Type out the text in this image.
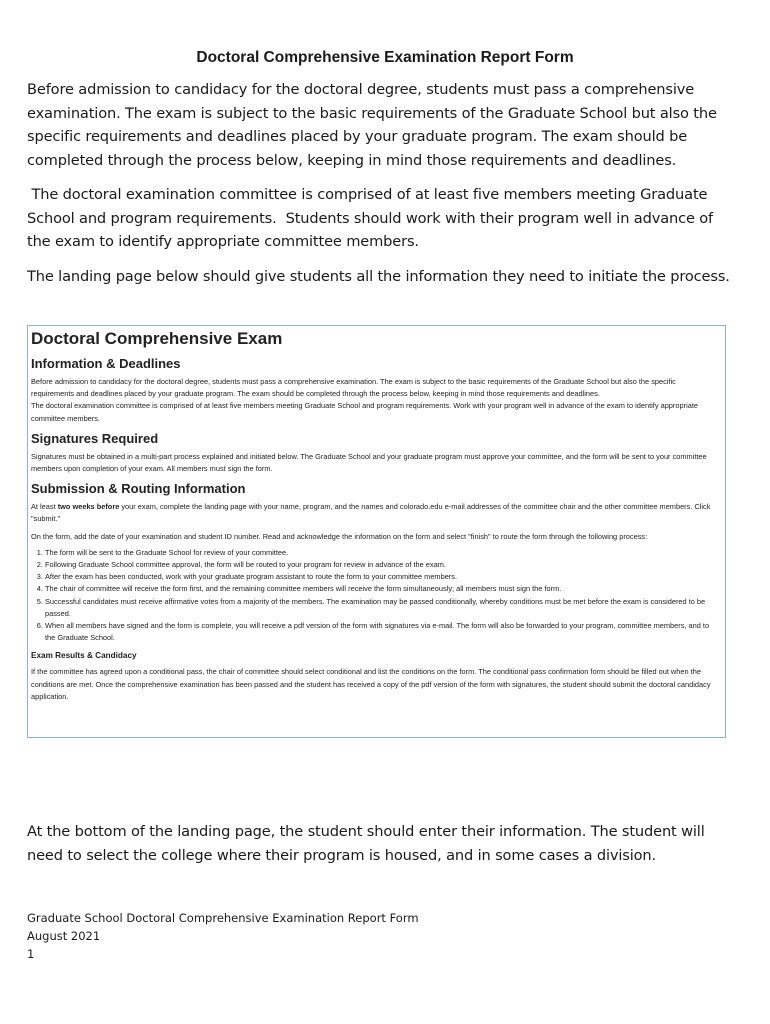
Doctoral Comprehensive Examination Report Form

Before admission to candidacy for the doctoral degree, students must pass a comprehensive examination. The exam is subject to the basic requirements of the Graduate School but also the specific requirements and deadlines placed by your graduate program. The exam should be completed through the process below, keeping in mind those requirements and deadlines.

The doctoral examination committee is comprised of at least five members meeting Graduate School and program requirements.  Students should work with their program well in advance of the exam to identify appropriate committee members.

The landing page below should give students all the information they need to initiate the process.

Doctoral Comprehensive Exam
Information & Deadlines

Before admission to candidacy for the doctoral degree, students must pass a comprehensive examination. The exam is subject to the basic requirements of the Graduate School but also the specific requirements and deadlines placed by your graduate program. The exam should be completed through the process below, keeping in mind those requirements and deadlines.

The doctoral examination committee is comprised of at least five members meeting Graduate School and program requirements. Work with your program well in advance of the exam to identify appropriate committee members.

Signatures Required

Signatures must be obtained in a multi-part process explained and initiated below. The Graduate School and your graduate program must approve your committee, and the form will be sent to your committee members upon completion of your exam. All members must sign the form.

Submission & Routing Information

At least two weeks before your exam, complete the landing page with your name, program, and the names and colorado.edu e-mail addresses of the committee chair and the other committee members. Click "submit."

On the form, add the date of your examination and student ID number. Read and acknowledge the information on the form and select "finish" to route the form through the following process:

1. The form will be sent to the Graduate School for review of your committee.
2. Following Graduate School committee approval, the form will be routed to your program for review in advance of the exam.
3. After the exam has been conducted, work with your graduate program assistant to route the form to your committee members.
4. The chair of committee will receive the form first, and the remaining committee members will receive the form simultaneously; all members must sign the form.
5. Successful candidates must receive affirmative votes from a majority of the members. The examination may be passed conditionally, whereby conditions must be met before the exam is considered to be passed.
6. When all members have signed and the form is complete, you will receive a pdf version of the form with signatures via e-mail. The form will also be forwarded to your program, committee members, and to the Graduate School.
Exam Results & Candidacy

If the committee has agreed upon a conditional pass, the chair of committee should select conditional and list the conditions on the form. The conditional pass confirmation form should be filled out when the conditions are met. Once the comprehensive examination has been passed and the student has received a copy of the pdf version of the form with signatures, the student should submit the doctoral candidacy application.

At the bottom of the landing page, the student should enter their information. The student will need to select the college where their program is housed, and in some cases a division.

Graduate School Doctoral Comprehensive Examination Report Form
August 2021
1
